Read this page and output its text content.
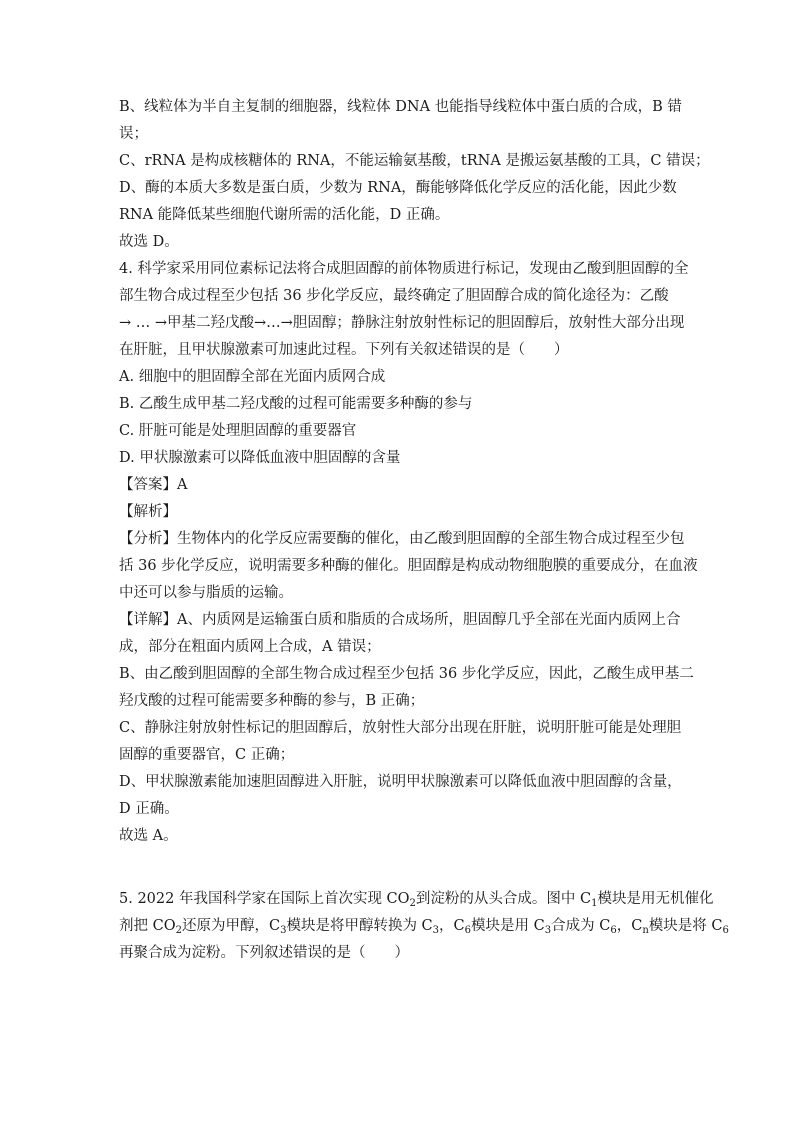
B、线粒体为半自主复制的细胞器，线粒体 DNA 也能指导线粒体中蛋白质的合成，B 错
误；
C、rRNA 是构成核糖体的 RNA，不能运输氨基酸，tRNA 是搬运氨基酸的工具，C 错误；
D、酶的本质大多数是蛋白质，少数为 RNA，酶能够降低化学反应的活化能，因此少数
RNA 能降低某些细胞代谢所需的活化能，D 正确。
故选 D。
4. 科学家采用同位素标记法将合成胆固醇的前体物质进行标记，发现由乙酸到胆固醇的全
部生物合成过程至少包括 36 步化学反应，最终确定了胆固醇合成的简化途径为：乙酸
→ … →甲基二羟戊酸→…→胆固醇；静脉注射放射性标记的胆固醇后，放射性大部分出现
在肝脏，且甲状腺激素可加速此过程。下列有关叙述错误的是（　　）
A. 细胞中的胆固醇全部在光面内质网合成
B. 乙酸生成甲基二羟戊酸的过程可能需要多种酶的参与
C. 肝脏可能是处理胆固醇的重要器官
D. 甲状腺激素可以降低血液中胆固醇的含量
【答案】A
【解析】
【分析】生物体内的化学反应需要酶的催化，由乙酸到胆固醇的全部生物合成过程至少包
括 36 步化学反应，说明需要多种酶的催化。胆固醇是构成动物细胞膜的重要成分，在血液
中还可以参与脂质的运输。
【详解】A、内质网是运输蛋白质和脂质的合成场所，胆固醇几乎全部在光面内质网上合
成，部分在粗面内质网上合成，A 错误；
B、由乙酸到胆固醇的全部生物合成过程至少包括 36 步化学反应，因此，乙酸生成甲基二
羟戊酸的过程可能需要多种酶的参与，B 正确；
C、静脉注射放射性标记的胆固醇后，放射性大部分出现在肝脏，说明肝脏可能是处理胆
固醇的重要器官，C 正确；
D、甲状腺激素能加速胆固醇进入肝脏，说明甲状腺激素可以降低血液中胆固醇的含量，
D 正确。
故选 A。
5. 2022 年我国科学家在国际上首次实现 $CO_2$到淀粉的从头合成。图中 $C_1$模块是用无机催化
剂把 $CO_2$还原为甲醇，$C_3$模块是将甲醇转换为 $C_3$，$C_6$模块是用 $C_3$合成为 $C_6$，$C_n$模块是将 $C_6$
再聚合成为淀粉。下列叙述错误的是（　　）
